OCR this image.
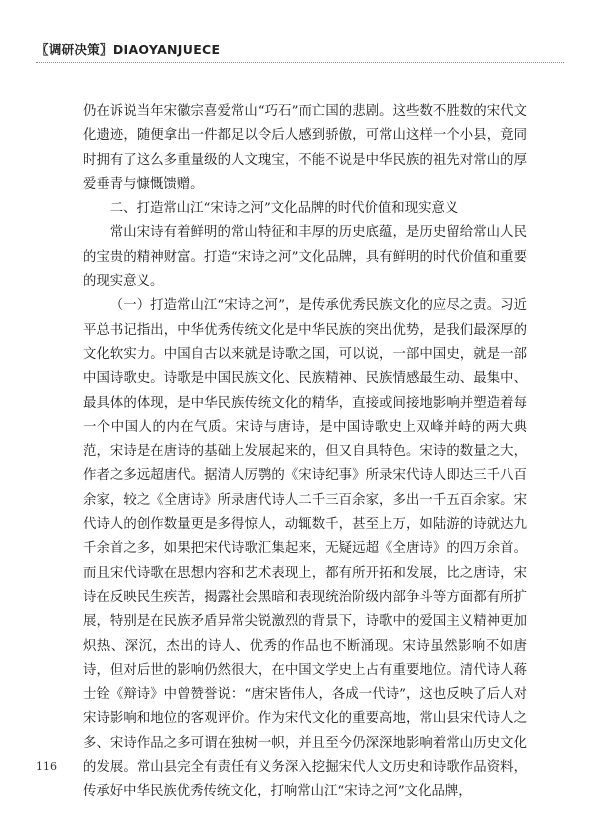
〖调研决策〗DIAOYANJUECE

仍在诉说当年宋徽宗喜爱常山“巧石”而亡国的悲剧。这些数不胜数的宋代文化遗迹，随便拿出一件都足以令后人感到骄傲，可常山这样一个小县，竟同时拥有了这么多重量级的人文瑰宝，不能不说是中华民族的祖先对常山的厚爱垂青与慷慨馈赠。

二、打造常山江“宋诗之河”文化品牌的时代价值和现实意义

常山宋诗有着鲜明的常山特征和丰厚的历史底蕴，是历史留给常山人民的宝贵的精神财富。打造“宋诗之河”文化品牌，具有鲜明的时代价值和重要的现实意义。

（一）打造常山江“宋诗之河”，是传承优秀民族文化的应尽之责。习近平总书记指出，中华优秀传统文化是中华民族的突出优势，是我们最深厚的文化软实力。中国自古以来就是诗歌之国，可以说，一部中国史，就是一部中国诗歌史。诗歌是中国民族文化、民族精神、民族情感最生动、最集中、最具体的体现，是中华民族传统文化的精华，直接或间接地影响并塑造着每一个中国人的内在气质。宋诗与唐诗，是中国诗歌史上双峰并峙的两大典范，宋诗是在唐诗的基础上发展起来的，但又自具特色。宋诗的数量之大，作者之多远超唐代。据清人厉鹗的《宋诗纪事》所录宋代诗人即达三千八百余家，较之《全唐诗》所录唐代诗人二千三百余家，多出一千五百余家。宋代诗人的创作数量更是多得惊人，动辄数千，甚至上万，如陆游的诗就达九千余首之多，如果把宋代诗歌汇集起来，无疑远超《全唐诗》的四万余首。而且宋代诗歌在思想内容和艺术表现上，都有所开拓和发展，比之唐诗，宋诗在反映民生疾苦，揭露社会黑暗和表现统治阶级内部争斗等方面都有所扩展，特别是在民族矛盾异常尖锐激烈的背景下，诗歌中的爱国主义精神更加炽热、深沉，杰出的诗人、优秀的作品也不断涌现。宋诗虽然影响不如唐诗，但对后世的影响仍然很大，在中国文学史上占有重要地位。清代诗人蒋士铨《辩诗》中曾赞誉说：“唐宋皆伟人，各成一代诗”，这也反映了后人对宋诗影响和地位的客观评价。作为宋代文化的重要高地，常山县宋代诗人之多、宋诗作品之多可谓在独树一帜，并且至今仍深深地影响着常山历史文化的发展。常山县完全有责任有义务深入挖掘宋代人文历史和诗歌作品资料，传承好中华民族优秀传统文化，打响常山江“宋诗之河”文化品牌，

116
